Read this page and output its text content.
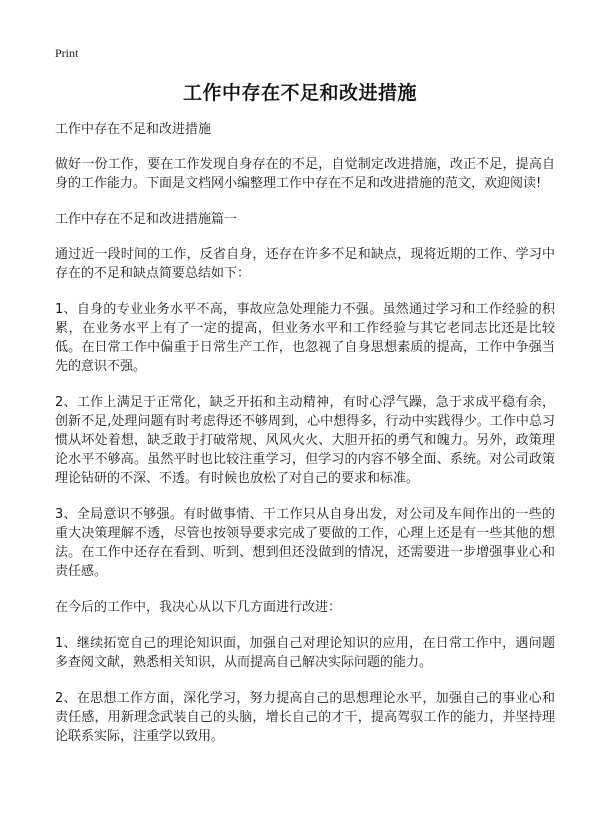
Print
工作中存在不足和改进措施

工作中存在不足和改进措施

做好一份工作，要在工作发现自身存在的不足，自觉制定改进措施，改正不足，提高自身的工作能力。下面是文档网小编整理工作中存在不足和改进措施的范文，欢迎阅读!

工作中存在不足和改进措施篇一

通过近一段时间的工作，反省自身，还存在许多不足和缺点，现将近期的工作、学习中存在的不足和缺点简要总结如下：

1、自身的专业业务水平不高，事故应急处理能力不强。虽然通过学习和工作经验的积累，在业务水平上有了一定的提高，但业务水平和工作经验与其它老同志比还是比较低。在日常工作中偏重于日常生产工作，也忽视了自身思想素质的提高，工作中争强当先的意识不强。

2、工作上满足于正常化，缺乏开拓和主动精神，有时心浮气躁，急于求成平稳有余，创新不足,处理问题有时考虑得还不够周到，心中想得多，行动中实践得少。工作中总习惯从坏处着想，缺乏敢于打破常规、风风火火、大胆开拓的勇气和魄力。另外，政策理论水平不够高。虽然平时也比较注重学习，但学习的内容不够全面、系统。对公司政策理论钻研的不深、不透。有时候也放松了对自己的要求和标准。

3、全局意识不够强。有时做事情、干工作只从自身出发，对公司及车间作出的一些的重大决策理解不透，尽管也按领导要求完成了要做的工作，心理上还是有一些其他的想法。在工作中还存在看到、听到、想到但还没做到的情况，还需要进一步增强事业心和责任感。

在今后的工作中，我决心从以下几方面进行改进：

1、继续拓宽自己的理论知识面，加强自己对理论知识的应用，在日常工作中，遇问题多查阅文献，熟悉相关知识，从而提高自己解决实际问题的能力。

2、在思想工作方面，深化学习，努力提高自己的思想理论水平，加强自己的事业心和责任感，用新理念武装自己的头脑，增长自己的才干，提高驾驭工作的能力，并坚持理论联系实际，注重学以致用。
